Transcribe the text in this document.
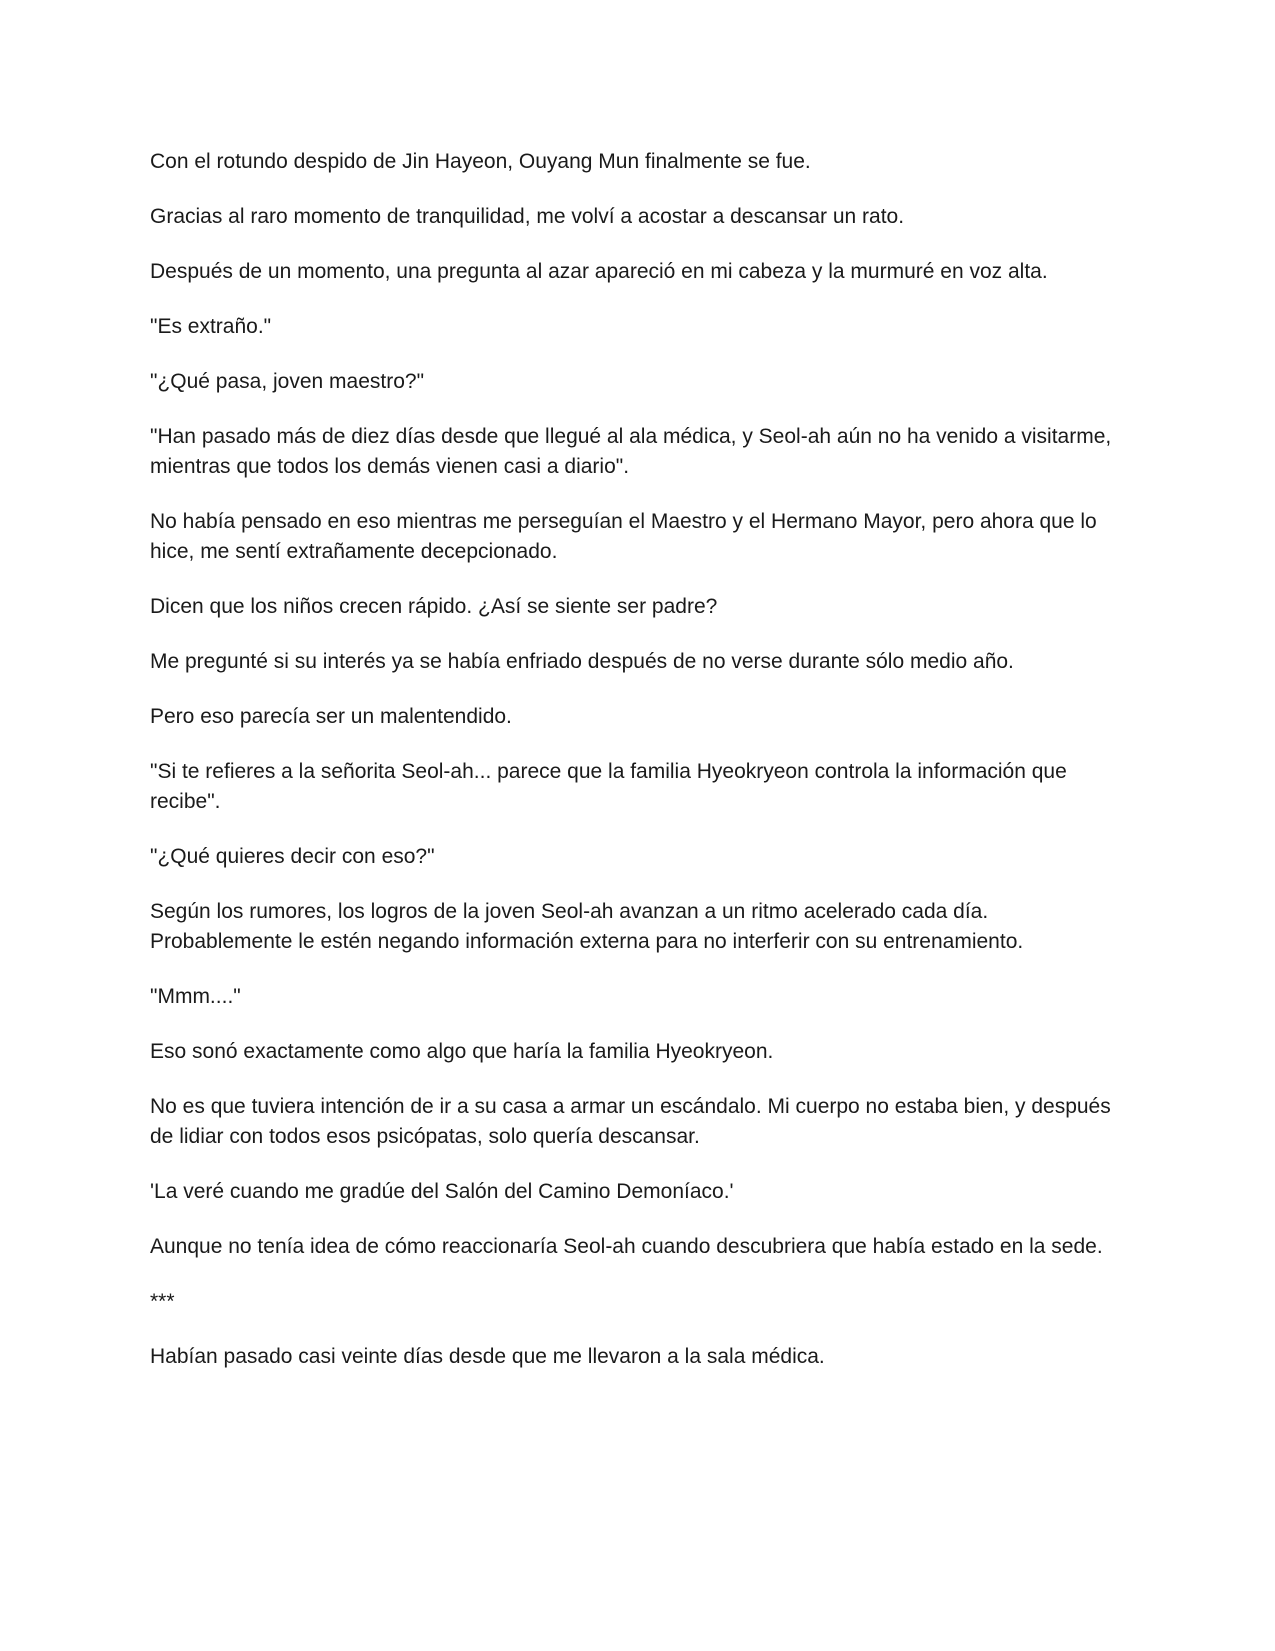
Con el rotundo despido de Jin Hayeon, Ouyang Mun finalmente se fue.

Gracias al raro momento de tranquilidad, me volví a acostar a descansar un rato.

Después de un momento, una pregunta al azar apareció en mi cabeza y la murmuré en voz alta.

"Es extraño."

"¿Qué pasa, joven maestro?"

"Han pasado más de diez días desde que llegué al ala médica, y Seol-ah aún no ha venido a visitarme, mientras que todos los demás vienen casi a diario".

No había pensado en eso mientras me perseguían el Maestro y el Hermano Mayor, pero ahora que lo hice, me sentí extrañamente decepcionado.

Dicen que los niños crecen rápido. ¿Así se siente ser padre?

Me pregunté si su interés ya se había enfriado después de no verse durante sólo medio año.

Pero eso parecía ser un malentendido.

"Si te refieres a la señorita Seol-ah... parece que la familia Hyeokryeon controla la información que recibe".

"¿Qué quieres decir con eso?"

Según los rumores, los logros de la joven Seol-ah avanzan a un ritmo acelerado cada día. Probablemente le estén negando información externa para no interferir con su entrenamiento.

"Mmm...."

Eso sonó exactamente como algo que haría la familia Hyeokryeon.

No es que tuviera intención de ir a su casa a armar un escándalo. Mi cuerpo no estaba bien, y después de lidiar con todos esos psicópatas, solo quería descansar.

'La veré cuando me gradúe del Salón del Camino Demoníaco.'

Aunque no tenía idea de cómo reaccionaría Seol-ah cuando descubriera que había estado en la sede.

***

Habían pasado casi veinte días desde que me llevaron a la sala médica.
